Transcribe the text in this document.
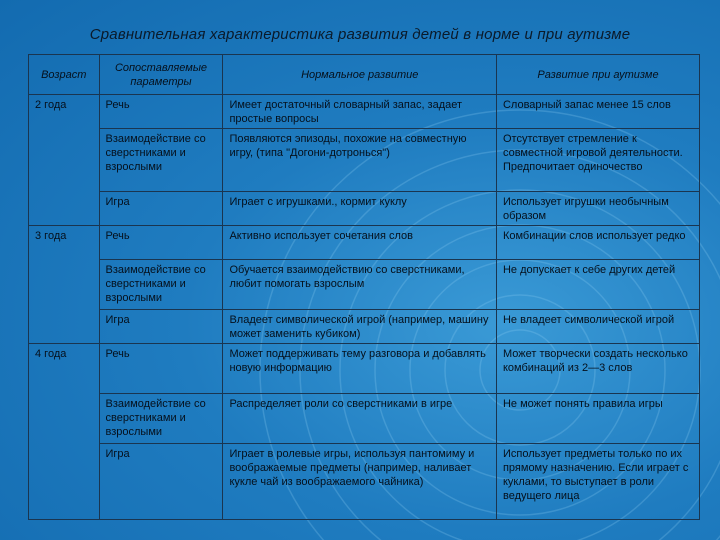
Сравнительная характеристика развития детей в норме и при аутизме
Возраст	Сопоставляемые параметры	Нормальное развитие	Развитие при аутизме
2 года	Речь	Имеет достаточный словарный запас, задает простые вопросы	Словарный запас менее 15 слов
	Взаимодействие со сверстниками и взрослыми	Появляются эпизоды, похожие на совместную игру, (типа "Догони-дотронься")	Отсутствует стремление к совместной игровой деятельности. Предпочитает одиночество
	Игра	Играет с игрушками., кормит куклу	Использует игрушки необычным образом
3 года	Речь	Активно использует сочетания слов	Комбинации слов использует редко
	Взаимодействие со сверстниками и взрослыми	Обучается взаимодействию со сверстниками, любит помогать взрослым	Не допускает к себе других детей
	Игра	Владеет символической игрой (например, машину может заменить кубиком)	Не владеет символической игрой
4 года	Речь	Может поддерживать тему разговора и добавлять новую информацию	Может творчески создать несколько комбинаций из 2—3 слов
	Взаимодействие со сверстниками и взрослыми	Распределяет роли со сверстниками в игре	Не может понять правила игры
	Игра	Играет в ролевые игры, используя пантомиму и воображаемые предметы (например, наливает кукле чай из воображаемого чайника)	Использует предметы только по их прямому назначению. Если играет с куклами, то выступает в роли ведущего лица
